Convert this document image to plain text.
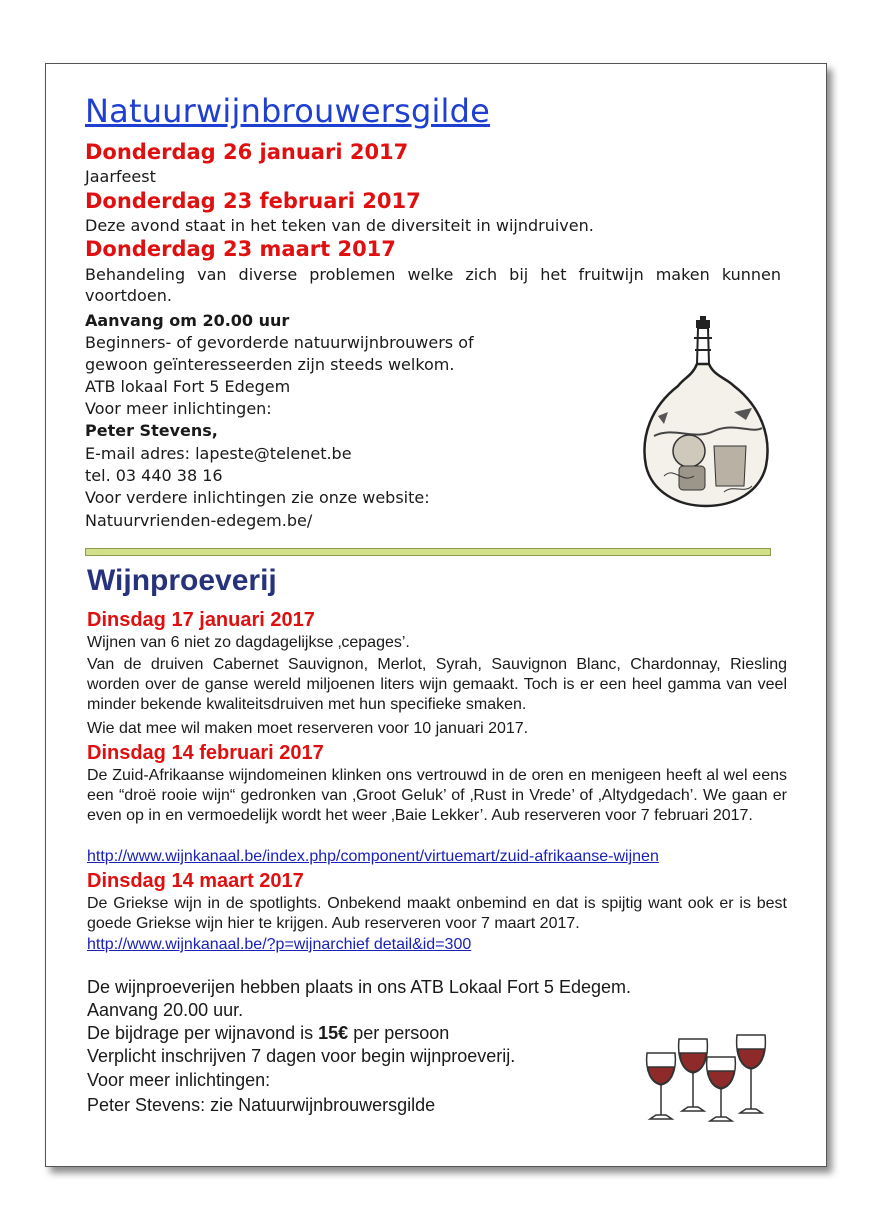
Natuurwijnbrouwersgilde
Donderdag 26 januari 2017
Jaarfeest
Donderdag 23 februari 2017
Deze avond staat in het teken van de diversiteit in wijndruiven.
Donderdag 23 maart 2017
Behandeling van diverse problemen welke zich bij het fruitwijn maken kunnen voortdoen.
Aanvang om 20.00 uur
Beginners- of gevorderde natuurwijnbrouwers of
gewoon geïnteresseerden zijn steeds welkom.
ATB lokaal Fort 5 Edegem
Voor meer inlichtingen:
Peter Stevens,
E-mail adres: lapeste@telenet.be
tel. 03 440 38 16
Voor verdere inlichtingen zie onze website:
Natuurvrienden-edegem.be/
Wijnproeverij
Dinsdag 17 januari 2017
Wijnen van 6 niet zo dagdagelijkse ‚cepages’.
Van de druiven Cabernet Sauvignon, Merlot, Syrah, Sauvignon Blanc, Chardonnay, Riesling worden over de ganse wereld miljoenen liters wijn gemaakt. Toch is er een heel gamma van veel minder bekende kwaliteitsdruiven met hun specifieke smaken.
Wie dat mee wil maken moet reserveren voor 10 januari 2017.
Dinsdag 14 februari 2017
De Zuid-Afrikaanse wijndomeinen klinken ons vertrouwd in de oren en menigeen heeft al wel eens een “droë rooie wijn“ gedronken van ‚Groot Geluk’ of ‚Rust in Vrede’ of ‚Altydgedach’. We gaan er even op in en vermoedelijk wordt het weer ‚Baie Lekker’. Aub reserveren voor 7 februari 2017.
http://www.wijnkanaal.be/index.php/component/virtuemart/zuid-afrikaanse-wijnen
Dinsdag 14 maart 2017
De Griekse wijn in de spotlights. Onbekend maakt onbemind en dat is spijtig want ook er is best goede Griekse wijn hier te krijgen. Aub reserveren voor 7 maart 2017.
http://www.wijnkanaal.be/?p=wijnarchief detail&id=300
De wijnproeverijen hebben plaats in ons ATB Lokaal Fort 5 Edegem.
Aanvang 20.00 uur.
De bijdrage per wijnavond is 15€ per persoon
Verplicht inschrijven 7 dagen voor begin wijnproeverij.
Voor meer inlichtingen:
Peter Stevens: zie Natuurwijnbrouwersgilde
